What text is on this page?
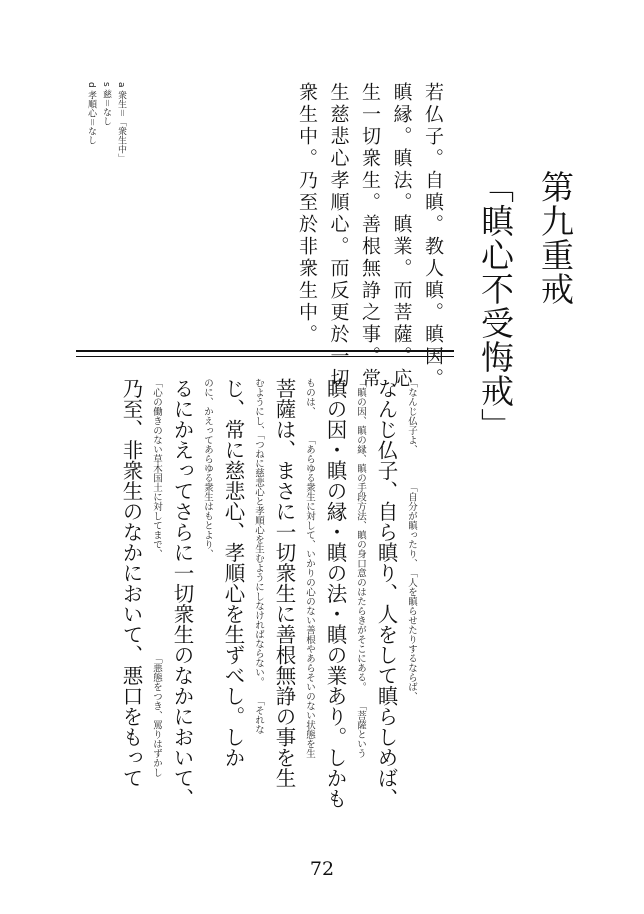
第九重戒
「瞋心不受悔戒」
若仏子。自瞋。教人瞋。瞋因。
瞋縁。瞋法。瞋業。而菩薩。応
生一切衆生。善根無諍之事。常
生慈悲心孝順心。而反更於一切
衆生中。乃至於非衆生中。
a 衆生＝「衆生中」
s 慈＝なし
d 孝順心＝なし
「なんじ仏子よ、　　　　「自分が瞋ったり、　「人を瞋らせたりするならば、
なんじ仏子、自ら瞋り、人をして瞋らしめば、
「瞋の因、瞋の縁、瞋の手段方法、瞋の身口意のはたらきがそこにある。　　「菩薩という
瞋の因・瞋の縁・瞋の法・瞋の業あり。しかも
ものは、　　　「あらゆる衆生に対して、いかりの心のない善根やあらそいのない状態を生
菩薩は、まさに一切衆生に善根無諍の事を生
むようにし、「つねに慈悲心と孝順心を生むようにしなければならない。　　「それな
じ、常に慈悲心、孝順心を生ずべし。しか
のに、かえってあらゆる衆生はもとより、
るにかえってさらに一切衆生のなかにおいて、
「心の働きのない草木国土に対してまで、　　　　　　　　　　　「悪態をつき、罵りはずかし
乃至、非衆生のなかにおいて、悪口をもって
72
